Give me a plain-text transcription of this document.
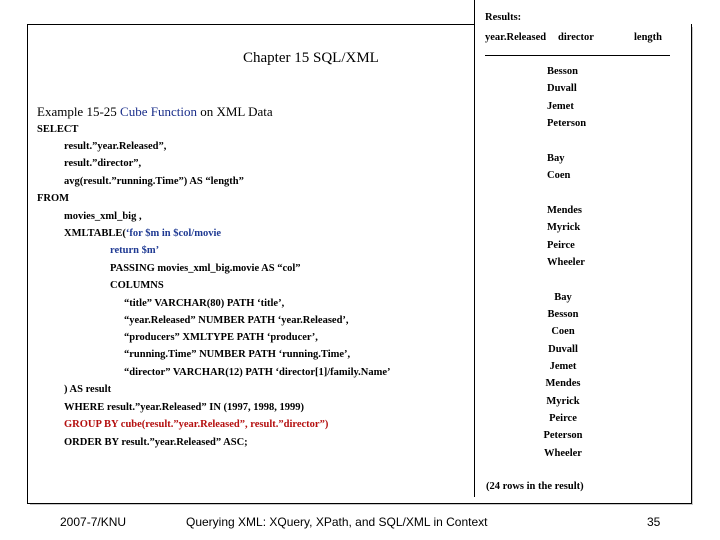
Chapter 15 SQL/XML
Example 15-25 Cube Function on XML Data
SELECT
result.”year.Released”,
result.”director”,
avg(result.”running.Time”) AS “length”
FROM
movies_xml_big ,
XMLTABLE(‘for $m in $col/movie
return $m’
PASSING movies_xml_big.movie AS “col”
COLUMNS
“title” VARCHAR(80) PATH ‘title’,
“year.Released” NUMBER PATH ‘year.Released’,
“producers” XMLTYPE PATH ‘producer’,
“running.Time” NUMBER PATH ‘running.Time’,
“director” VARCHAR(12) PATH ‘director[1]/family.Name’
) AS result
WHERE result.”year.Released” IN (1997, 1998, 1999)
GROUP BY cube(result.”year.Released”, result.”director”)
ORDER BY result.”year.Released” ASC;
Results:
year.Released director	length
Besson
Duvall
Jemet
Peterson
Bay
Coen
Mendes
Myrick
Peirce
Wheeler
Bay
Besson
Coen
Duvall
Jemet
Mendes
Myrick
Peirce
Peterson
Wheeler
(24 rows in the result)
2007-7/KNU	Querying XML: XQuery, XPath, and SQL/XML in Context	35
